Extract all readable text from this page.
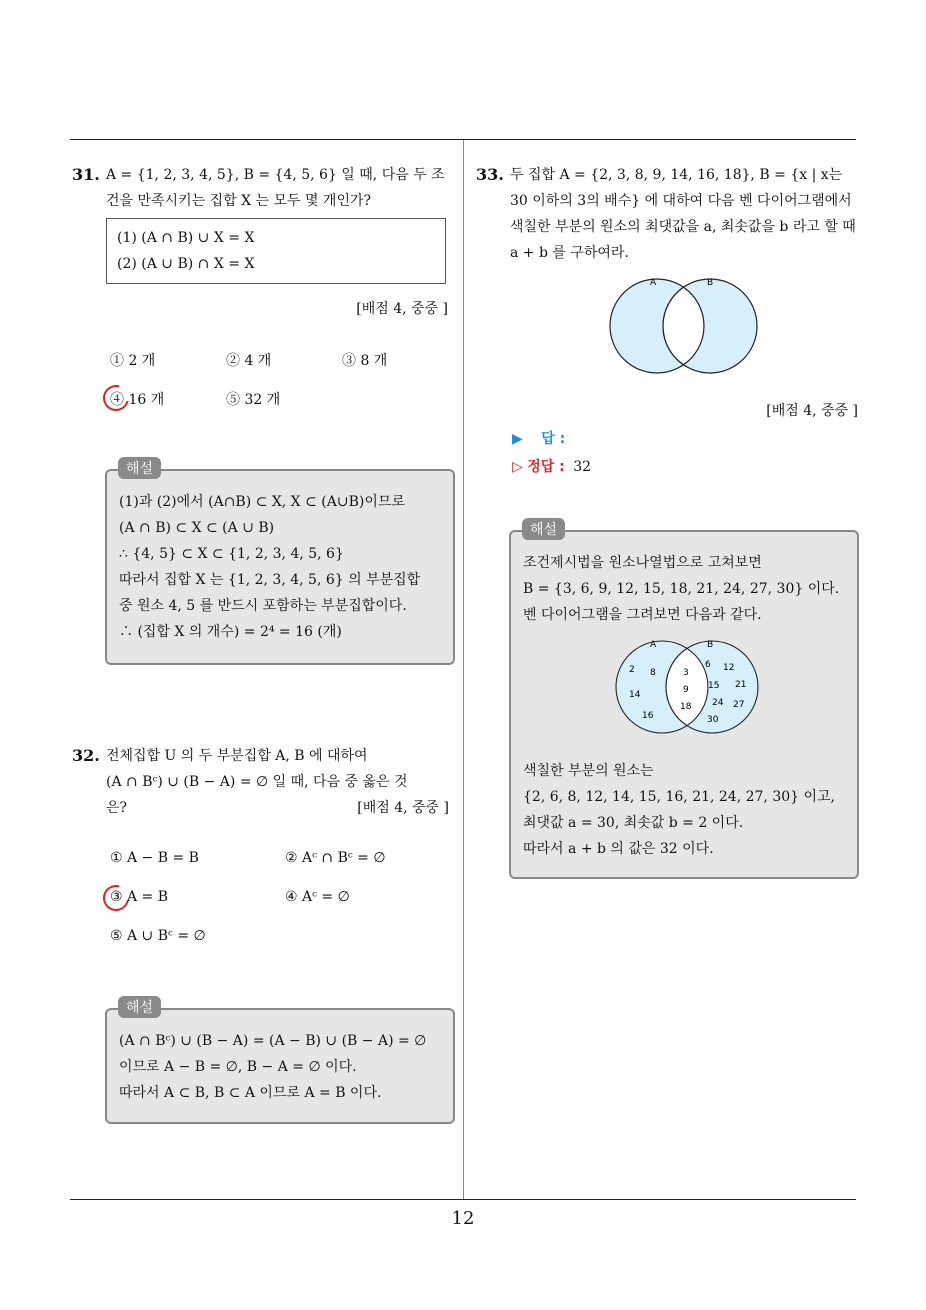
12
31. A = {1, 2, 3, 4, 5}, B = {4, 5, 6} 일 때, 다음 두 조건을 만족시키는 집합 X 는 모두 몇 개인가?
(1) (A ∩ B) ∪ X = X
(2) (A ∪ B) ∩ X = X
[배점 4, 중중 ]
① 2 개	② 4 개	③ 8 개
④ 16 개	⑤ 32 개
(1)과 (2)에서 (A∩B) ⊂ X, X ⊂ (A∪B)이므로
(A ∩ B) ⊂ X ⊂ (A ∪ B)
∴ {4, 5} ⊂ X ⊂ {1, 2, 3, 4, 5, 6}
따라서 집합 X 는 {1, 2, 3, 4, 5, 6} 의 부분집합
중 원소 4, 5 를 반드시 포함하는 부분집합이다.
∴ (집합 X 의 개수) = 2⁴ = 16 (개)
해설
32. 전체집합 U 의 두 부분집합 A, B 에 대하여
(A ∩ Bᶜ) ∪ (B − A) = ∅ 일 때, 다음 중 옳은 것
은?	[배점 4, 중중 ]
① A − B = B	② Aᶜ ∩ Bᶜ = ∅
③ A = B	④ Aᶜ = ∅
⑤ A ∪ Bᶜ = ∅
(A ∩ Bᶜ) ∪ (B − A) = (A − B) ∪ (B − A) = ∅
이므로 A − B = ∅, B − A = ∅ 이다.
따라서 A ⊂ B, B ⊂ A 이므로 A = B 이다.
해설
33. 두 집합 A = {2, 3, 8, 9, 14, 16, 18}, B = {x | x는 30 이하의 3의 배수} 에 대하여 다음 벤 다이어그램에서 색칠한 부분의 원소의 최댓값을 a, 최솟값을 b 라고 할 때 a + b 를 구하여라.
A	B
[배점 4, 중중 ]
▶ 답 :
▷ 정답 : 32
조건제시법을 원소나열법으로 고쳐보면
B = {3, 6, 9, 12, 15, 18, 21, 24, 27, 30} 이다.
벤 다이어그램을 그려보면 다음과 같다.
A	B
2 8
14
16
3
9
18
6 12
15 21
24 27
30
색칠한 부분의 원소는
{2, 6, 8, 12, 14, 15, 16, 21, 24, 27, 30} 이고,
최댓값 a = 30, 최솟값 b = 2 이다.
따라서 a + b 의 값은 32 이다.
해설
